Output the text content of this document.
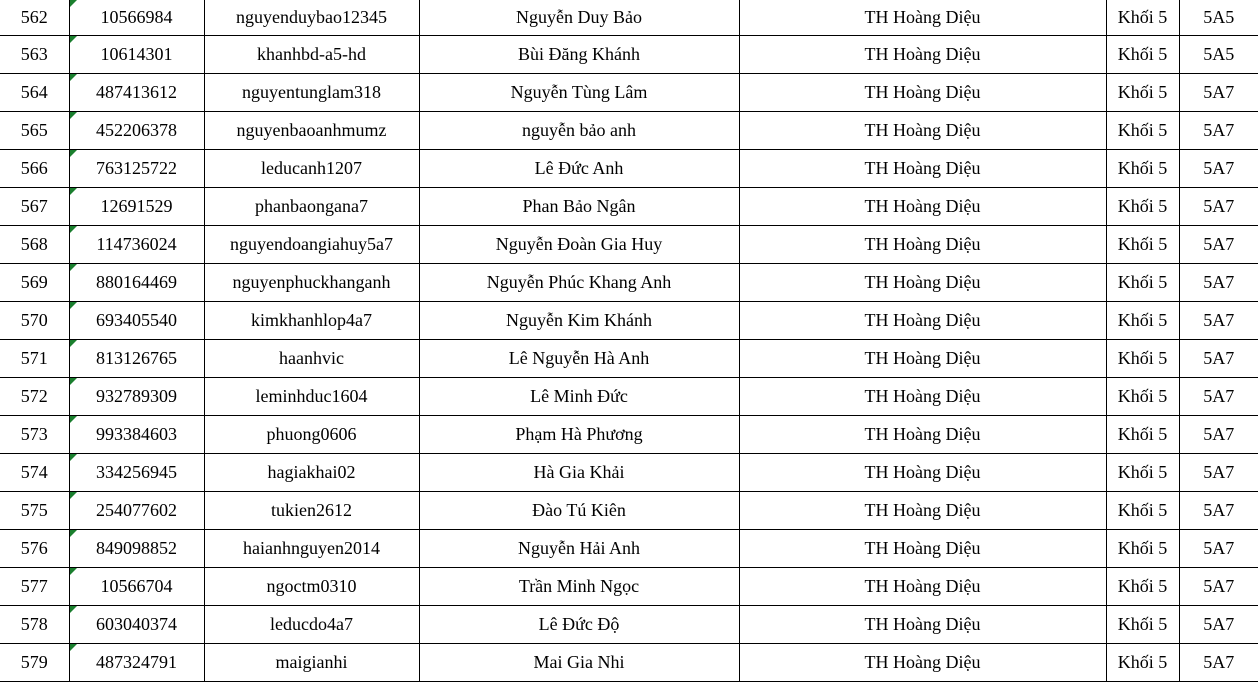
562	10566984	nguyenduybao12345	Nguyễn Duy Bảo	TH Hoàng Diệu	Khối 5	5A5
563	10614301	khanhbd-a5-hd	Bùi Đăng Khánh	TH Hoàng Diệu	Khối 5	5A5
564	487413612	nguyentunglam318	Nguyễn Tùng Lâm	TH Hoàng Diệu	Khối 5	5A7
565	452206378	nguyenbaoanhmumz	nguyễn bảo anh	TH Hoàng Diệu	Khối 5	5A7
566	763125722	leducanh1207	Lê Đức Anh	TH Hoàng Diệu	Khối 5	5A7
567	12691529	phanbaongana7	Phan Bảo Ngân	TH Hoàng Diệu	Khối 5	5A7
568	114736024	nguyendoangiahuy5a7	Nguyễn Đoàn Gia Huy	TH Hoàng Diệu	Khối 5	5A7
569	880164469	nguyenphuckhanganh	Nguyễn Phúc Khang Anh	TH Hoàng Diệu	Khối 5	5A7
570	693405540	kimkhanhlop4a7	Nguyễn Kim Khánh	TH Hoàng Diệu	Khối 5	5A7
571	813126765	haanhvic	Lê Nguyễn Hà Anh	TH Hoàng Diệu	Khối 5	5A7
572	932789309	leminhduc1604	Lê Minh Đức	TH Hoàng Diệu	Khối 5	5A7
573	993384603	phuong0606	Phạm Hà Phương	TH Hoàng Diệu	Khối 5	5A7
574	334256945	hagiakhai02	Hà Gia Khải	TH Hoàng Diệu	Khối 5	5A7
575	254077602	tukien2612	Đào Tú Kiên	TH Hoàng Diệu	Khối 5	5A7
576	849098852	haianhnguyen2014	Nguyễn Hải Anh	TH Hoàng Diệu	Khối 5	5A7
577	10566704	ngoctm0310	Trần Minh Ngọc	TH Hoàng Diệu	Khối 5	5A7
578	603040374	leducdo4a7	Lê Đức Độ	TH Hoàng Diệu	Khối 5	5A7
579	487324791	maigianhi	Mai Gia Nhi	TH Hoàng Diệu	Khối 5	5A7
